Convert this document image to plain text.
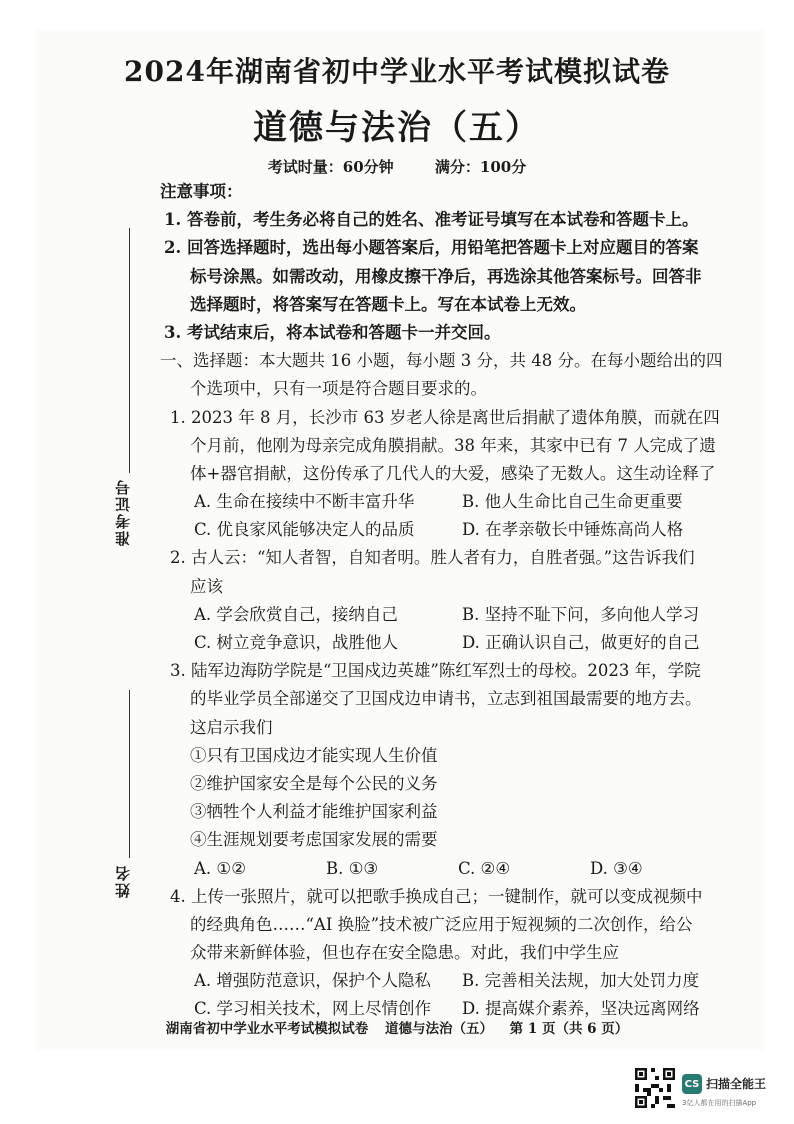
2024年湖南省初中学业水平考试模拟试卷
道德与法治（五）
考试时量：60分钟	满分：100分
准考证号
姓名
注意事项：
1. 答卷前，考生务必将自己的姓名、准考证号填写在本试卷和答题卡上。
2. 回答选择题时，选出每小题答案后，用铅笔把答题卡上对应题目的答案
标号涂黑。如需改动，用橡皮擦干净后，再选涂其他答案标号。回答非
选择题时，将答案写在答题卡上。写在本试卷上无效。
3. 考试结束后，将本试卷和答题卡一并交回。
一、选择题：本大题共 16 小题，每小题 3 分，共 48 分。在每小题给出的四
个选项中，只有一项是符合题目要求的。
1. 2023 年 8 月，长沙市 63 岁老人徐是离世后捐献了遗体角膜，而就在四
个月前，他刚为母亲完成角膜捐献。38 年来，其家中已有 7 人完成了遗
体+器官捐献，这份传承了几代人的大爱，感染了无数人。这生动诠释了
A. 生命在接续中不断丰富升华	B. 他人生命比自己生命更重要
C. 优良家风能够决定人的品质	D. 在孝亲敬长中锤炼高尚人格
2. 古人云：“知人者智，自知者明。胜人者有力，自胜者强。”这告诉我们
应该
A. 学会欣赏自己，接纳自己	B. 坚持不耻下问，多向他人学习
C. 树立竞争意识，战胜他人	D. 正确认识自己，做更好的自己
3. 陆军边海防学院是“卫国戍边英雄”陈红军烈士的母校。2023 年，学院
的毕业学员全部递交了卫国戍边申请书，立志到祖国最需要的地方去。
这启示我们
①只有卫国戍边才能实现人生价值
②维护国家安全是每个公民的义务
③牺牲个人利益才能维护国家利益
④生涯规划要考虑国家发展的需要
A. ①②	B. ①③	C. ②④	D. ③④
4. 上传一张照片，就可以把歌手换成自己；一键制作，就可以变成视频中
的经典角色……“AI 换脸”技术被广泛应用于短视频的二次创作，给公
众带来新鲜体验，但也存在安全隐患。对此，我们中学生应
A. 增强防范意识，保护个人隐私	B. 完善相关法规，加大处罚力度
C. 学习相关技术，网上尽情创作	D. 提高媒介素养，坚决远离网络
湖南省初中学业水平考试模拟试卷 道德与法治（五） 第 1 页（共 6 页）
CS 扫描全能王
3亿人都在用的扫描App
